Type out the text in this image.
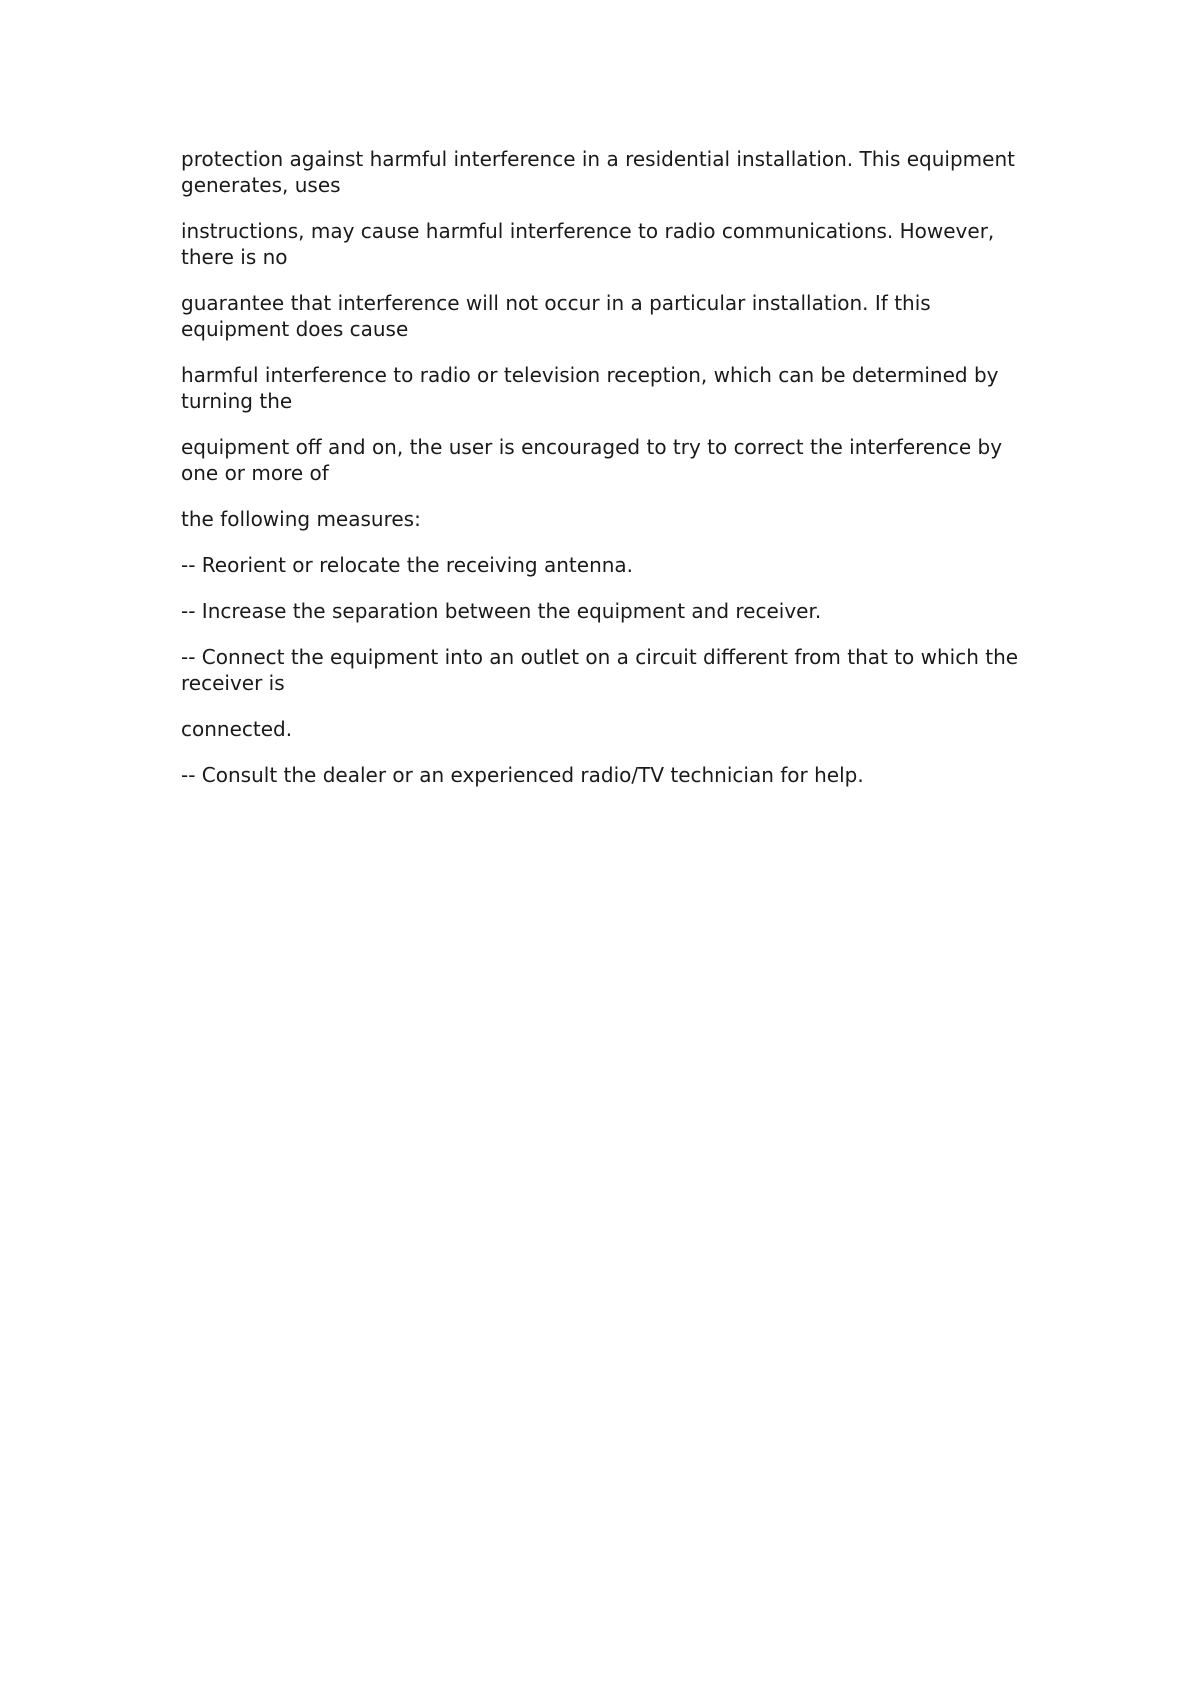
protection against harmful interference in a residential installation. This equipment
generates, uses

instructions, may cause harmful interference to radio communications. However,
there is no

guarantee that interference will not occur in a particular installation. If this
equipment does cause

harmful interference to radio or television reception, which can be determined by
turning the

equipment off and on, the user is encouraged to try to correct the interference by
one or more of

the following measures:

-- Reorient or relocate the receiving antenna.

-- Increase the separation between the equipment and receiver.

-- Connect the equipment into an outlet on a circuit different from that to which the
receiver is

connected.

-- Consult the dealer or an experienced radio/TV technician for help.
